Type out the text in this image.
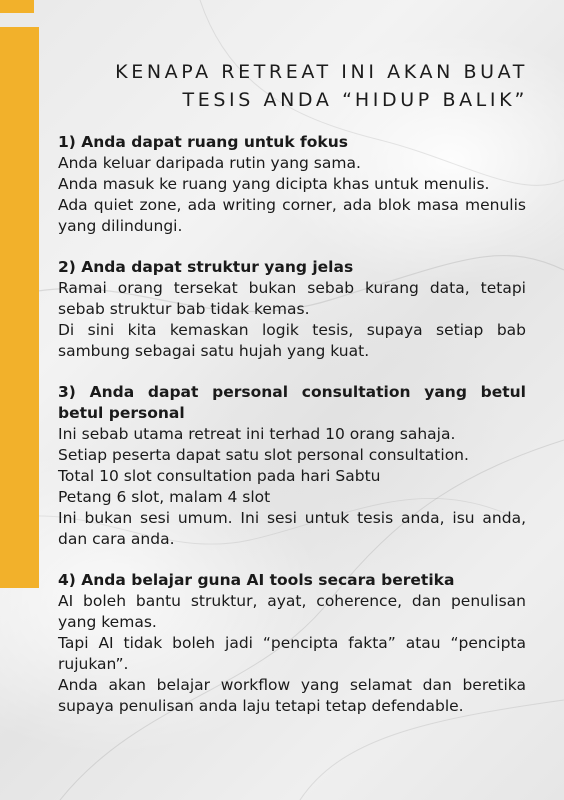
KENAPA RETREAT INI AKAN BUAT
TESIS ANDA “HIDUP BALIK”
1) Anda dapat ruang untuk fokus
Anda keluar daripada rutin yang sama.
Anda masuk ke ruang yang dicipta khas untuk menulis.
Ada quiet zone, ada writing corner, ada blok masa menulis yang dilindungi.
2) Anda dapat struktur yang jelas
Ramai orang tersekat bukan sebab kurang data, tetapi sebab struktur bab tidak kemas.
Di sini kita kemaskan logik tesis, supaya setiap bab sambung sebagai satu hujah yang kuat.
3) Anda dapat personal consultation yang betul betul personal
Ini sebab utama retreat ini terhad 10 orang sahaja.
Setiap peserta dapat satu slot personal consultation.
Total 10 slot consultation pada hari Sabtu
Petang 6 slot, malam 4 slot
Ini bukan sesi umum. Ini sesi untuk tesis anda, isu anda, dan cara anda.
4) Anda belajar guna AI tools secara beretika
AI boleh bantu struktur, ayat, coherence, dan penulisan yang kemas.
Tapi AI tidak boleh jadi “pencipta fakta” atau “pencipta rujukan”.
Anda akan belajar workflow yang selamat dan beretika supaya penulisan anda laju tetapi tetap defendable.
